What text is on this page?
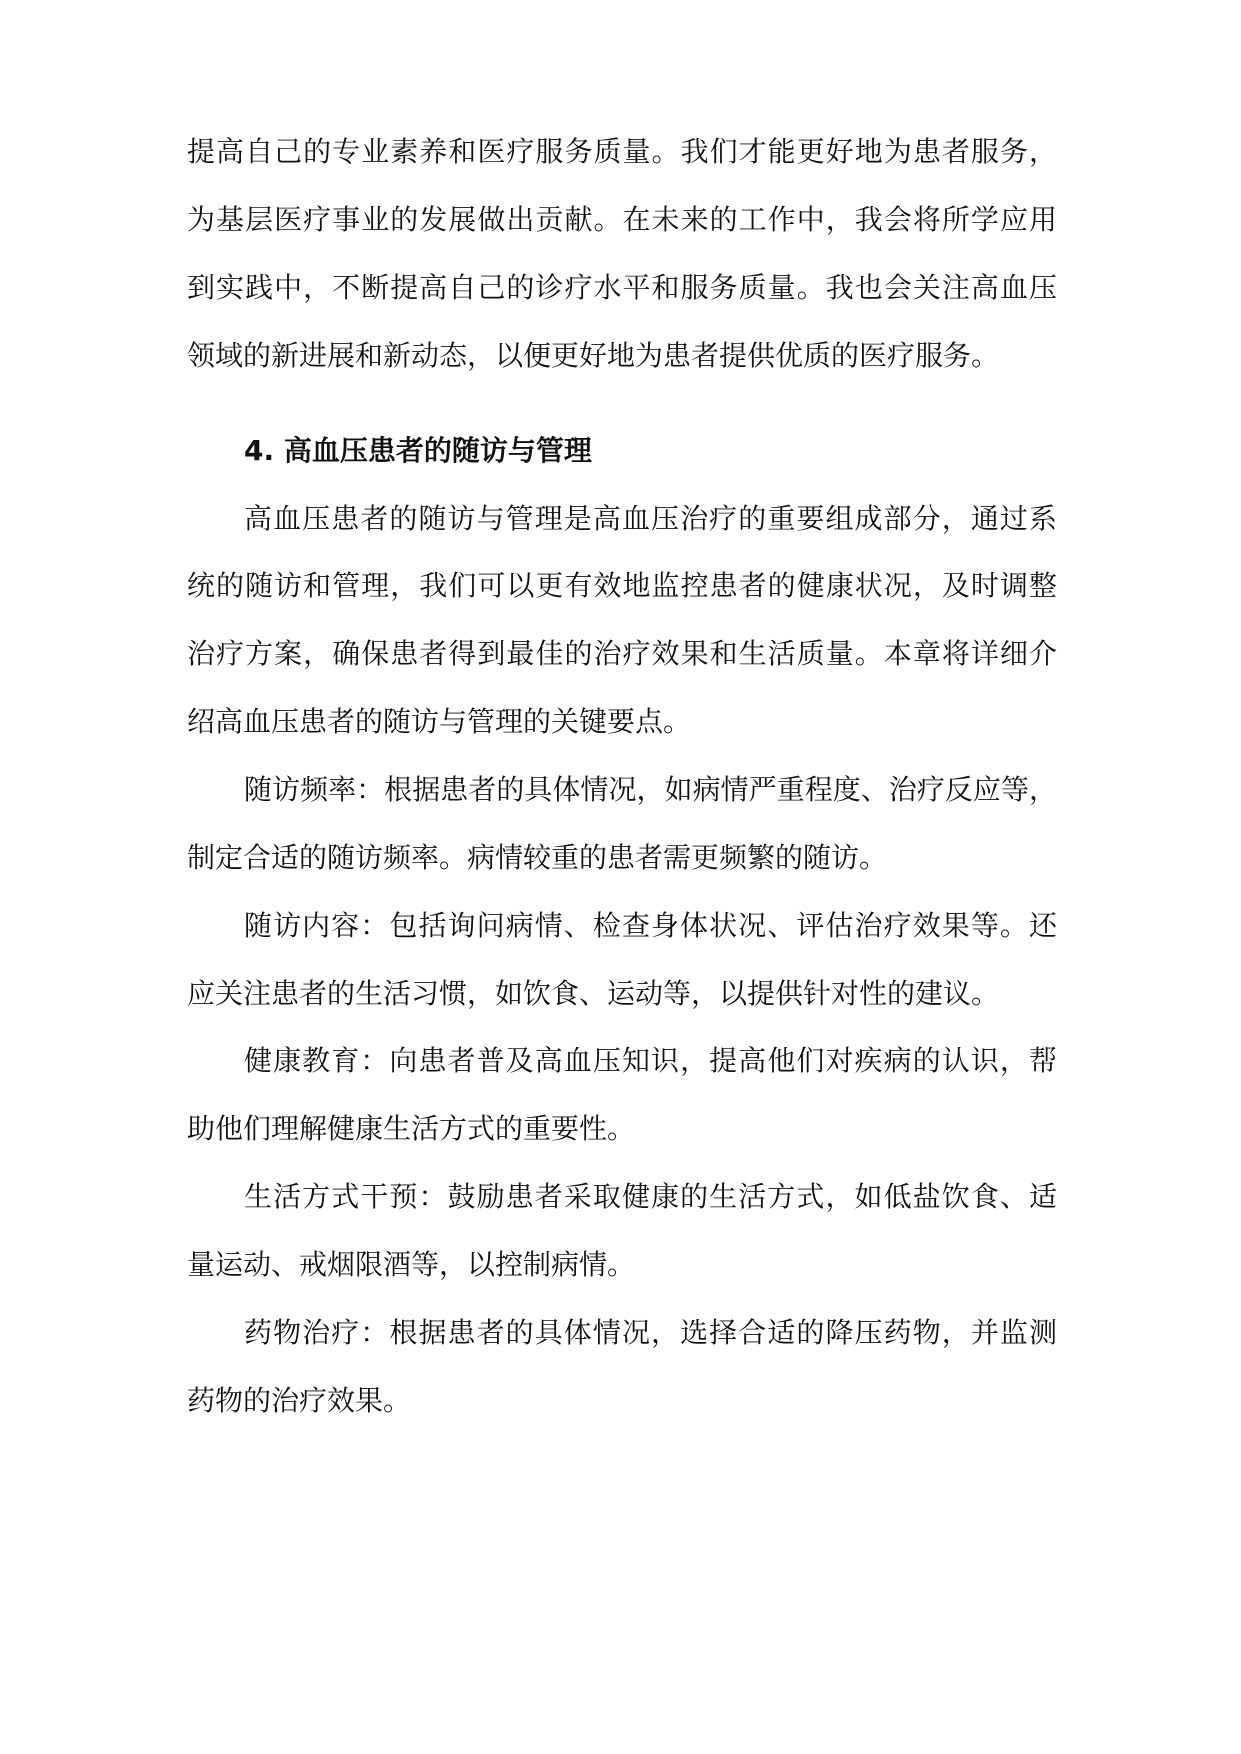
提高自己的专业素养和医疗服务质量。我们才能更好地为患者服务，
为基层医疗事业的发展做出贡献。在未来的工作中，我会将所学应用
到实践中，不断提高自己的诊疗水平和服务质量。我也会关注高血压
领域的新进展和新动态，以便更好地为患者提供优质的医疗服务。
4. 高血压患者的随访与管理
高血压患者的随访与管理是高血压治疗的重要组成部分，通过系
统的随访和管理，我们可以更有效地监控患者的健康状况，及时调整
治疗方案，确保患者得到最佳的治疗效果和生活质量。本章将详细介
绍高血压患者的随访与管理的关键要点。
随访频率：根据患者的具体情况，如病情严重程度、治疗反应等，
制定合适的随访频率。病情较重的患者需更频繁的随访。
随访内容：包括询问病情、检查身体状况、评估治疗效果等。还
应关注患者的生活习惯，如饮食、运动等，以提供针对性的建议。
健康教育：向患者普及高血压知识，提高他们对疾病的认识，帮
助他们理解健康生活方式的重要性。
生活方式干预：鼓励患者采取健康的生活方式，如低盐饮食、适
量运动、戒烟限酒等，以控制病情。
药物治疗：根据患者的具体情况，选择合适的降压药物，并监测
药物的治疗效果。
